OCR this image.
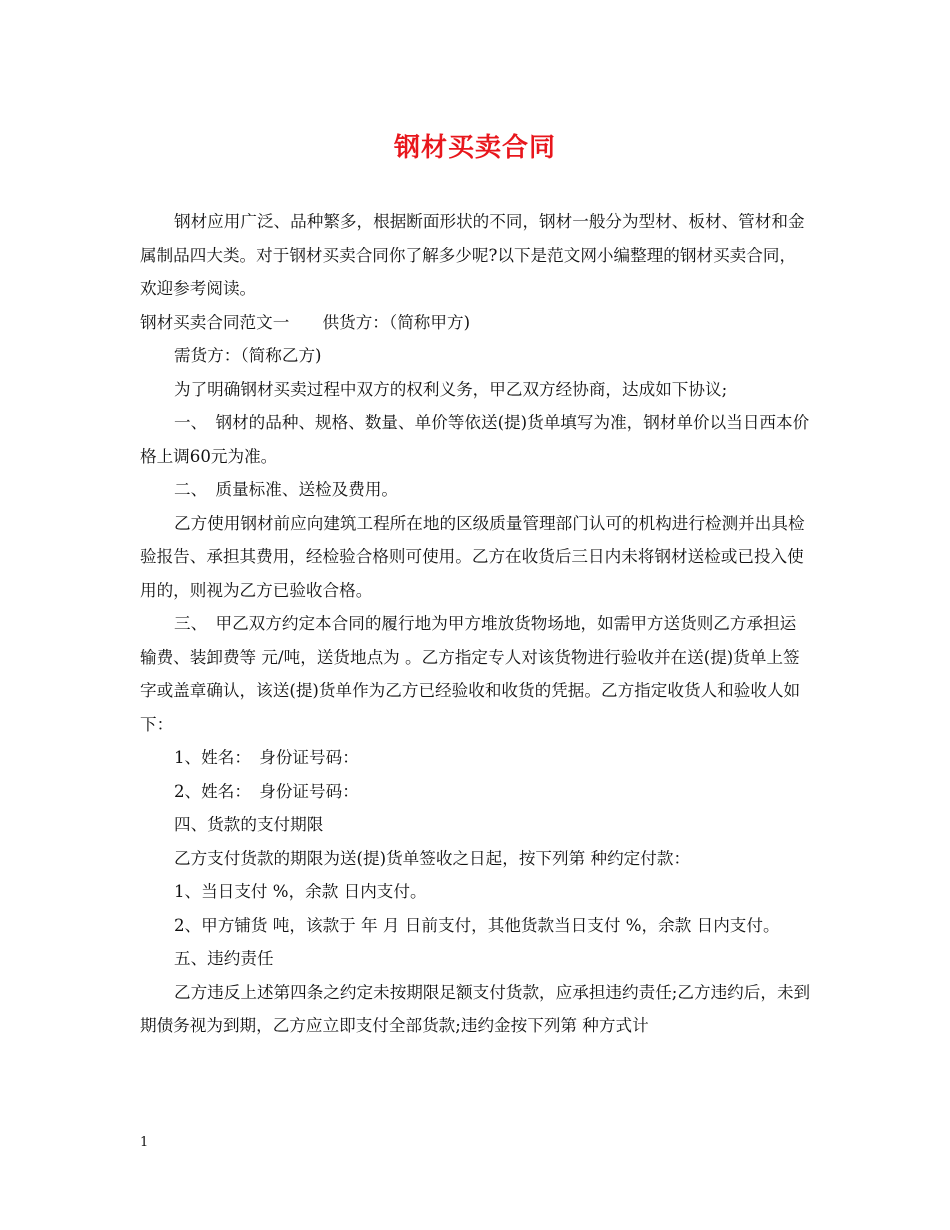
钢材买卖合同

钢材应用广泛、品种繁多，根据断面形状的不同，钢材一般分为型材、板材、管材和金属制品四大类。对于钢材买卖合同你了解多少呢?以下是范文网小编整理的钢材买卖合同，欢迎参考阅读。

钢材买卖合同范文一　　供货方：（简称甲方)

需货方：（简称乙方)

为了明确钢材买卖过程中双方的权利义务，甲乙双方经协商，达成如下协议;

一、　钢材的品种、规格、数量、单价等依送(提)货单填写为准，钢材单价以当日西本价格上调60元为准。

二、　质量标准、送检及费用。

乙方使用钢材前应向建筑工程所在地的区级质量管理部门认可的机构进行检测并出具检验报告、承担其费用，经检验合格则可使用。乙方在收货后三日内未将钢材送检或已投入使用的，则视为乙方已验收合格。

三、　甲乙双方约定本合同的履行地为甲方堆放货物场地，如需甲方送货则乙方承担运输费、装卸费等 元/吨，送货地点为 。乙方指定专人对该货物进行验收并在送(提)货单上签字或盖章确认，该送(提)货单作为乙方已经验收和收货的凭据。乙方指定收货人和验收人如下：

1、姓名：　身份证号码：

2、姓名：　身份证号码：

四、货款的支付期限

乙方支付货款的期限为送(提)货单签收之日起，按下列第 种约定付款：

1、当日支付 %，余款 日内支付。

2、甲方铺货 吨，该款于 年 月 日前支付，其他货款当日支付 %，余款 日内支付。

五、违约责任

乙方违反上述第四条之约定未按期限足额支付货款，应承担违约责任;乙方违约后，未到期债务视为到期，乙方应立即支付全部货款;违约金按下列第 种方式计

1
